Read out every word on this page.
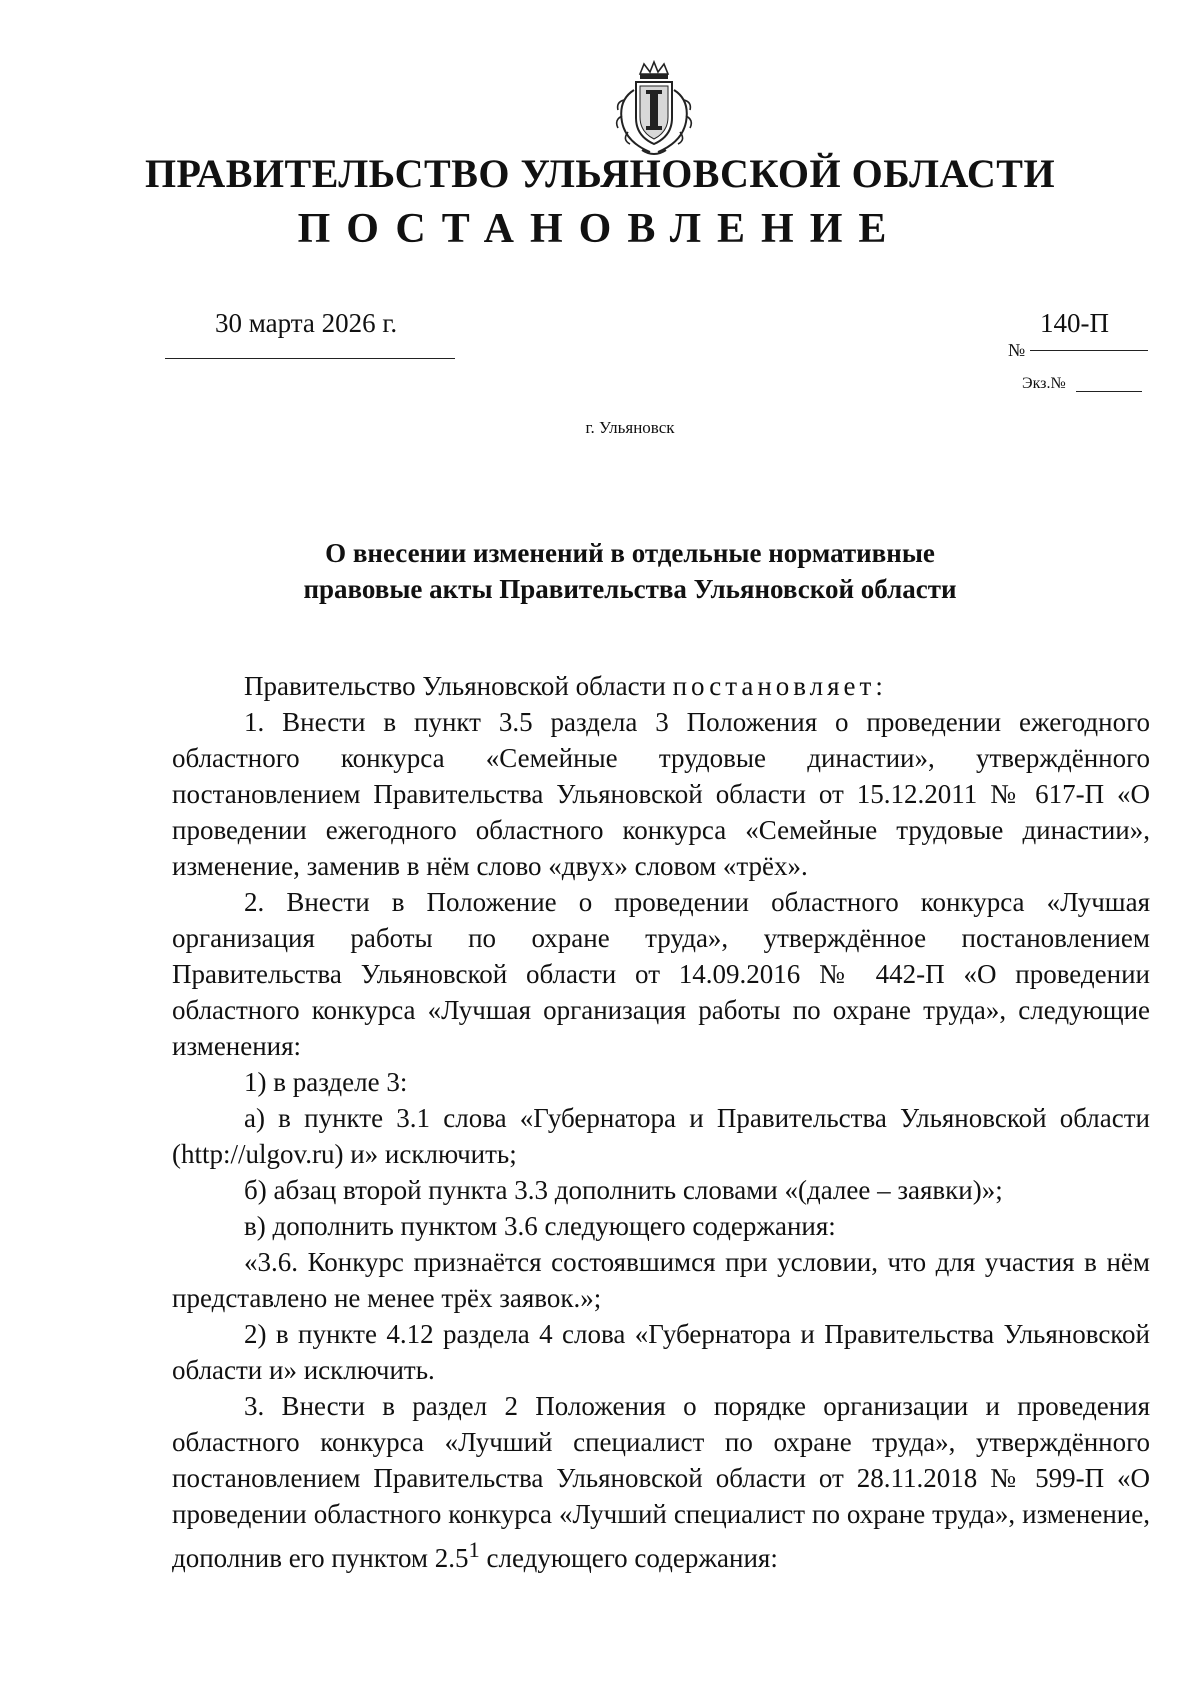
ПРАВИТЕЛЬСТВО УЛЬЯНОВСКОЙ ОБЛАСТИ
ПОСТАНОВЛЕНИЕ
30 марта 2026 г.
№
140-П
Экз.№
г. Ульяновск
О внесении изменений в отдельные нормативные
правовые акты Правительства Ульяновской области

Правительство Ульяновской области постановляет:

1. Внести в пункт 3.5 раздела 3 Положения о проведении ежегодного областного конкурса «Семейные трудовые династии», утверждённого постановлением Правительства Ульяновской области от 15.12.2011 № 617-П «О проведении ежегодного областного конкурса «Семейные трудовые династии», изменение, заменив в нём слово «двух» словом «трёх».

2. Внести в Положение о проведении областного конкурса «Лучшая организация работы по охране труда», утверждённое постановлением Правительства Ульяновской области от 14.09.2016 № 442-П «О проведении областного конкурса «Лучшая организация работы по охране труда», следующие изменения:

1) в разделе 3:

а) в пункте 3.1 слова «Губернатора и Правительства Ульяновской области (http://ulgov.ru) и» исключить;

б) абзац второй пункта 3.3 дополнить словами «(далее – заявки)»;

в) дополнить пунктом 3.6 следующего содержания:

«3.6. Конкурс признаётся состоявшимся при условии, что для участия в нём представлено не менее трёх заявок.»;

2) в пункте 4.12 раздела 4 слова «Губернатора и Правительства Ульяновской области и» исключить.

3. Внести в раздел 2 Положения о порядке организации и проведения областного конкурса «Лучший специалист по охране труда», утверждённого постановлением Правительства Ульяновской области от 28.11.2018 № 599-П «О проведении областного конкурса «Лучший специалист по охране труда», изменение, дополнив его пунктом $2.5^1$ следующего содержания:
